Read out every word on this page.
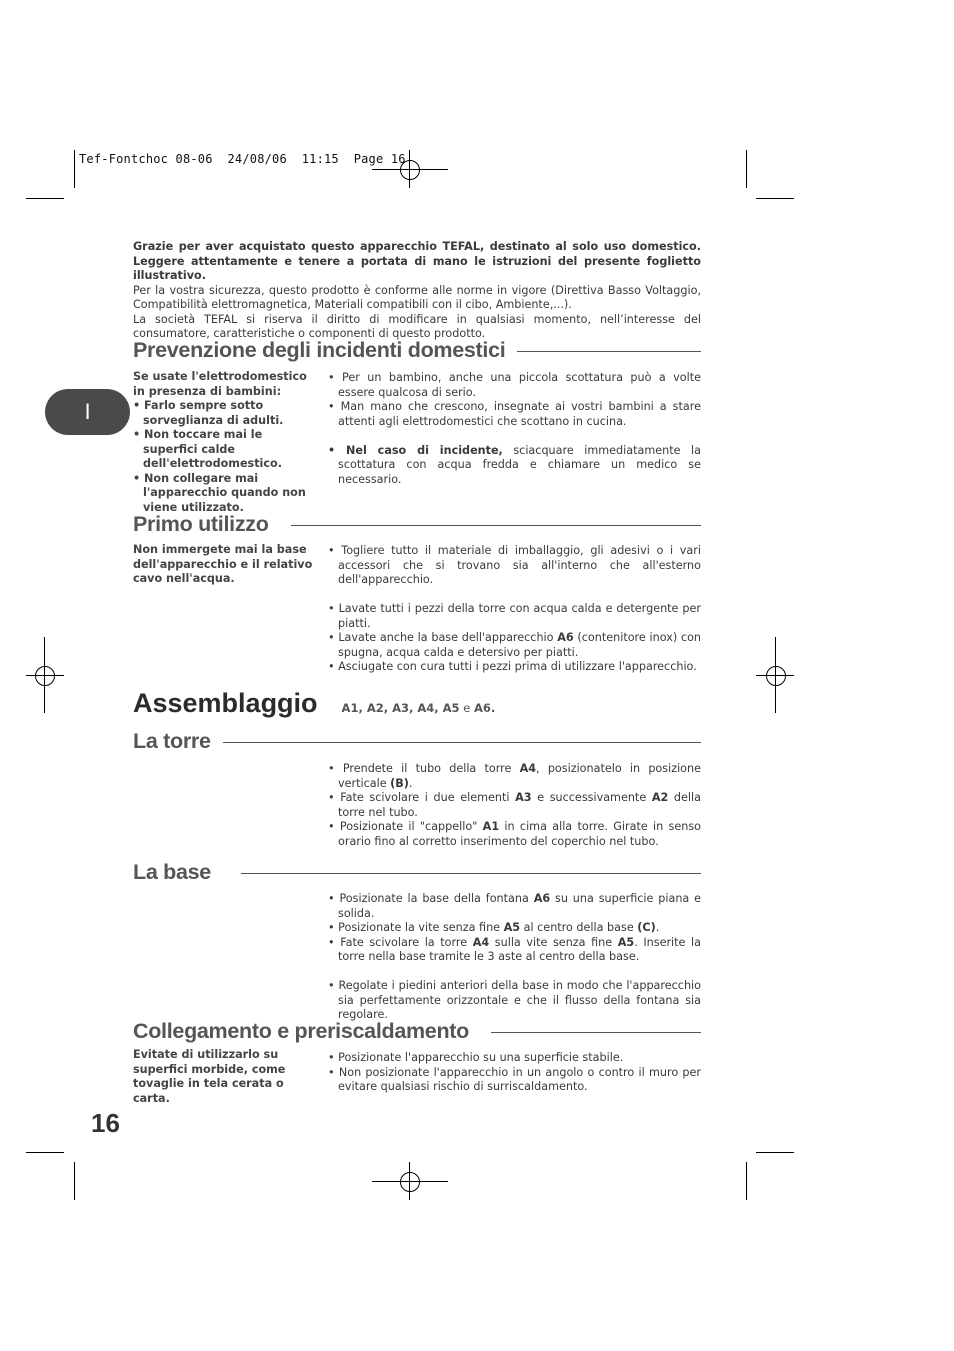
Tef-Fontchoc 08-06  24/08/06  11:15  Page 16
I

Grazie per aver acquistato questo apparecchio TEFAL, destinato al solo uso domestico. Leggere attentamente e tenere a portata di mano le istruzioni del presente foglietto illustrativo.

Per la vostra sicurezza, questo prodotto è conforme alle norme in vigore (Direttiva Basso Voltaggio, Compatibilità elettromagnetica, Materiali compatibili con il cibo, Ambiente,...).

La società TEFAL si riserva il diritto di modificare in qualsiasi momento, nell’interesse del consumatore, caratteristiche o componenti di questo prodotto.

Prevenzione degli incidenti domestici

Se usate l'elettrodomestico in presenza di bambini:

• Farlo sempre sotto sorveglianza di adulti.
• Non toccare mai le superfici calde dell'elettrodomestico.
• Non collegare mai l'apparecchio quando non viene utilizzato.
• Per un bambino, anche una piccola scottatura può a volte essere qualcosa di serio.
• Man mano che crescono, insegnate ai vostri bambini a stare attenti agli elettrodomestici che scottano in cucina.
• Nel caso di incidente, sciacquare immediatamente la scottatura con acqua fredda e chiamare un medico se necessario.
Primo utilizzo

Non immergete mai la base dell'apparecchio e il relativo cavo nell'acqua.

• Togliere tutto il materiale di imballaggio, gli adesivi o i vari accessori che si trovano sia all'interno che all'esterno dell'apparecchio.
• Lavate tutti i pezzi della torre con acqua calda e detergente per piatti.
• Lavate anche la base dell'apparecchio A6 (contenitore inox) con spugna, acqua calda e detersivo per piatti.
• Asciugate con cura tutti i pezzi prima di utilizzare l'apparecchio.
Assemblaggio A1, A2, A3, A4, A5 e A6.
La torre
• Prendete il tubo della torre A4, posizionatelo in posizione verticale (B).
• Fate scivolare i due elementi A3 e successivamente A2 della torre nel tubo.
• Posizionate il "cappello" A1 in cima alla torre. Girate in senso orario fino al corretto inserimento del coperchio nel tubo.
La base
• Posizionate la base della fontana A6 su una superficie piana e solida.
• Posizionate la vite senza fine A5 al centro della base (C).
• Fate scivolare la torre A4 sulla vite senza fine A5. Inserite la torre nella base tramite le 3 aste al centro della base.
• Regolate i piedini anteriori della base in modo che l'apparecchio sia perfettamente orizzontale e che il flusso della fontana sia regolare.
Collegamento e preriscaldamento

Evitate di utilizzarlo su superfici morbide, come tovaglie in tela cerata o carta.

• Posizionate l'apparecchio su una superficie stabile.
• Non posizionate l'apparecchio in un angolo o contro il muro per evitare qualsiasi rischio di surriscaldamento.
16
